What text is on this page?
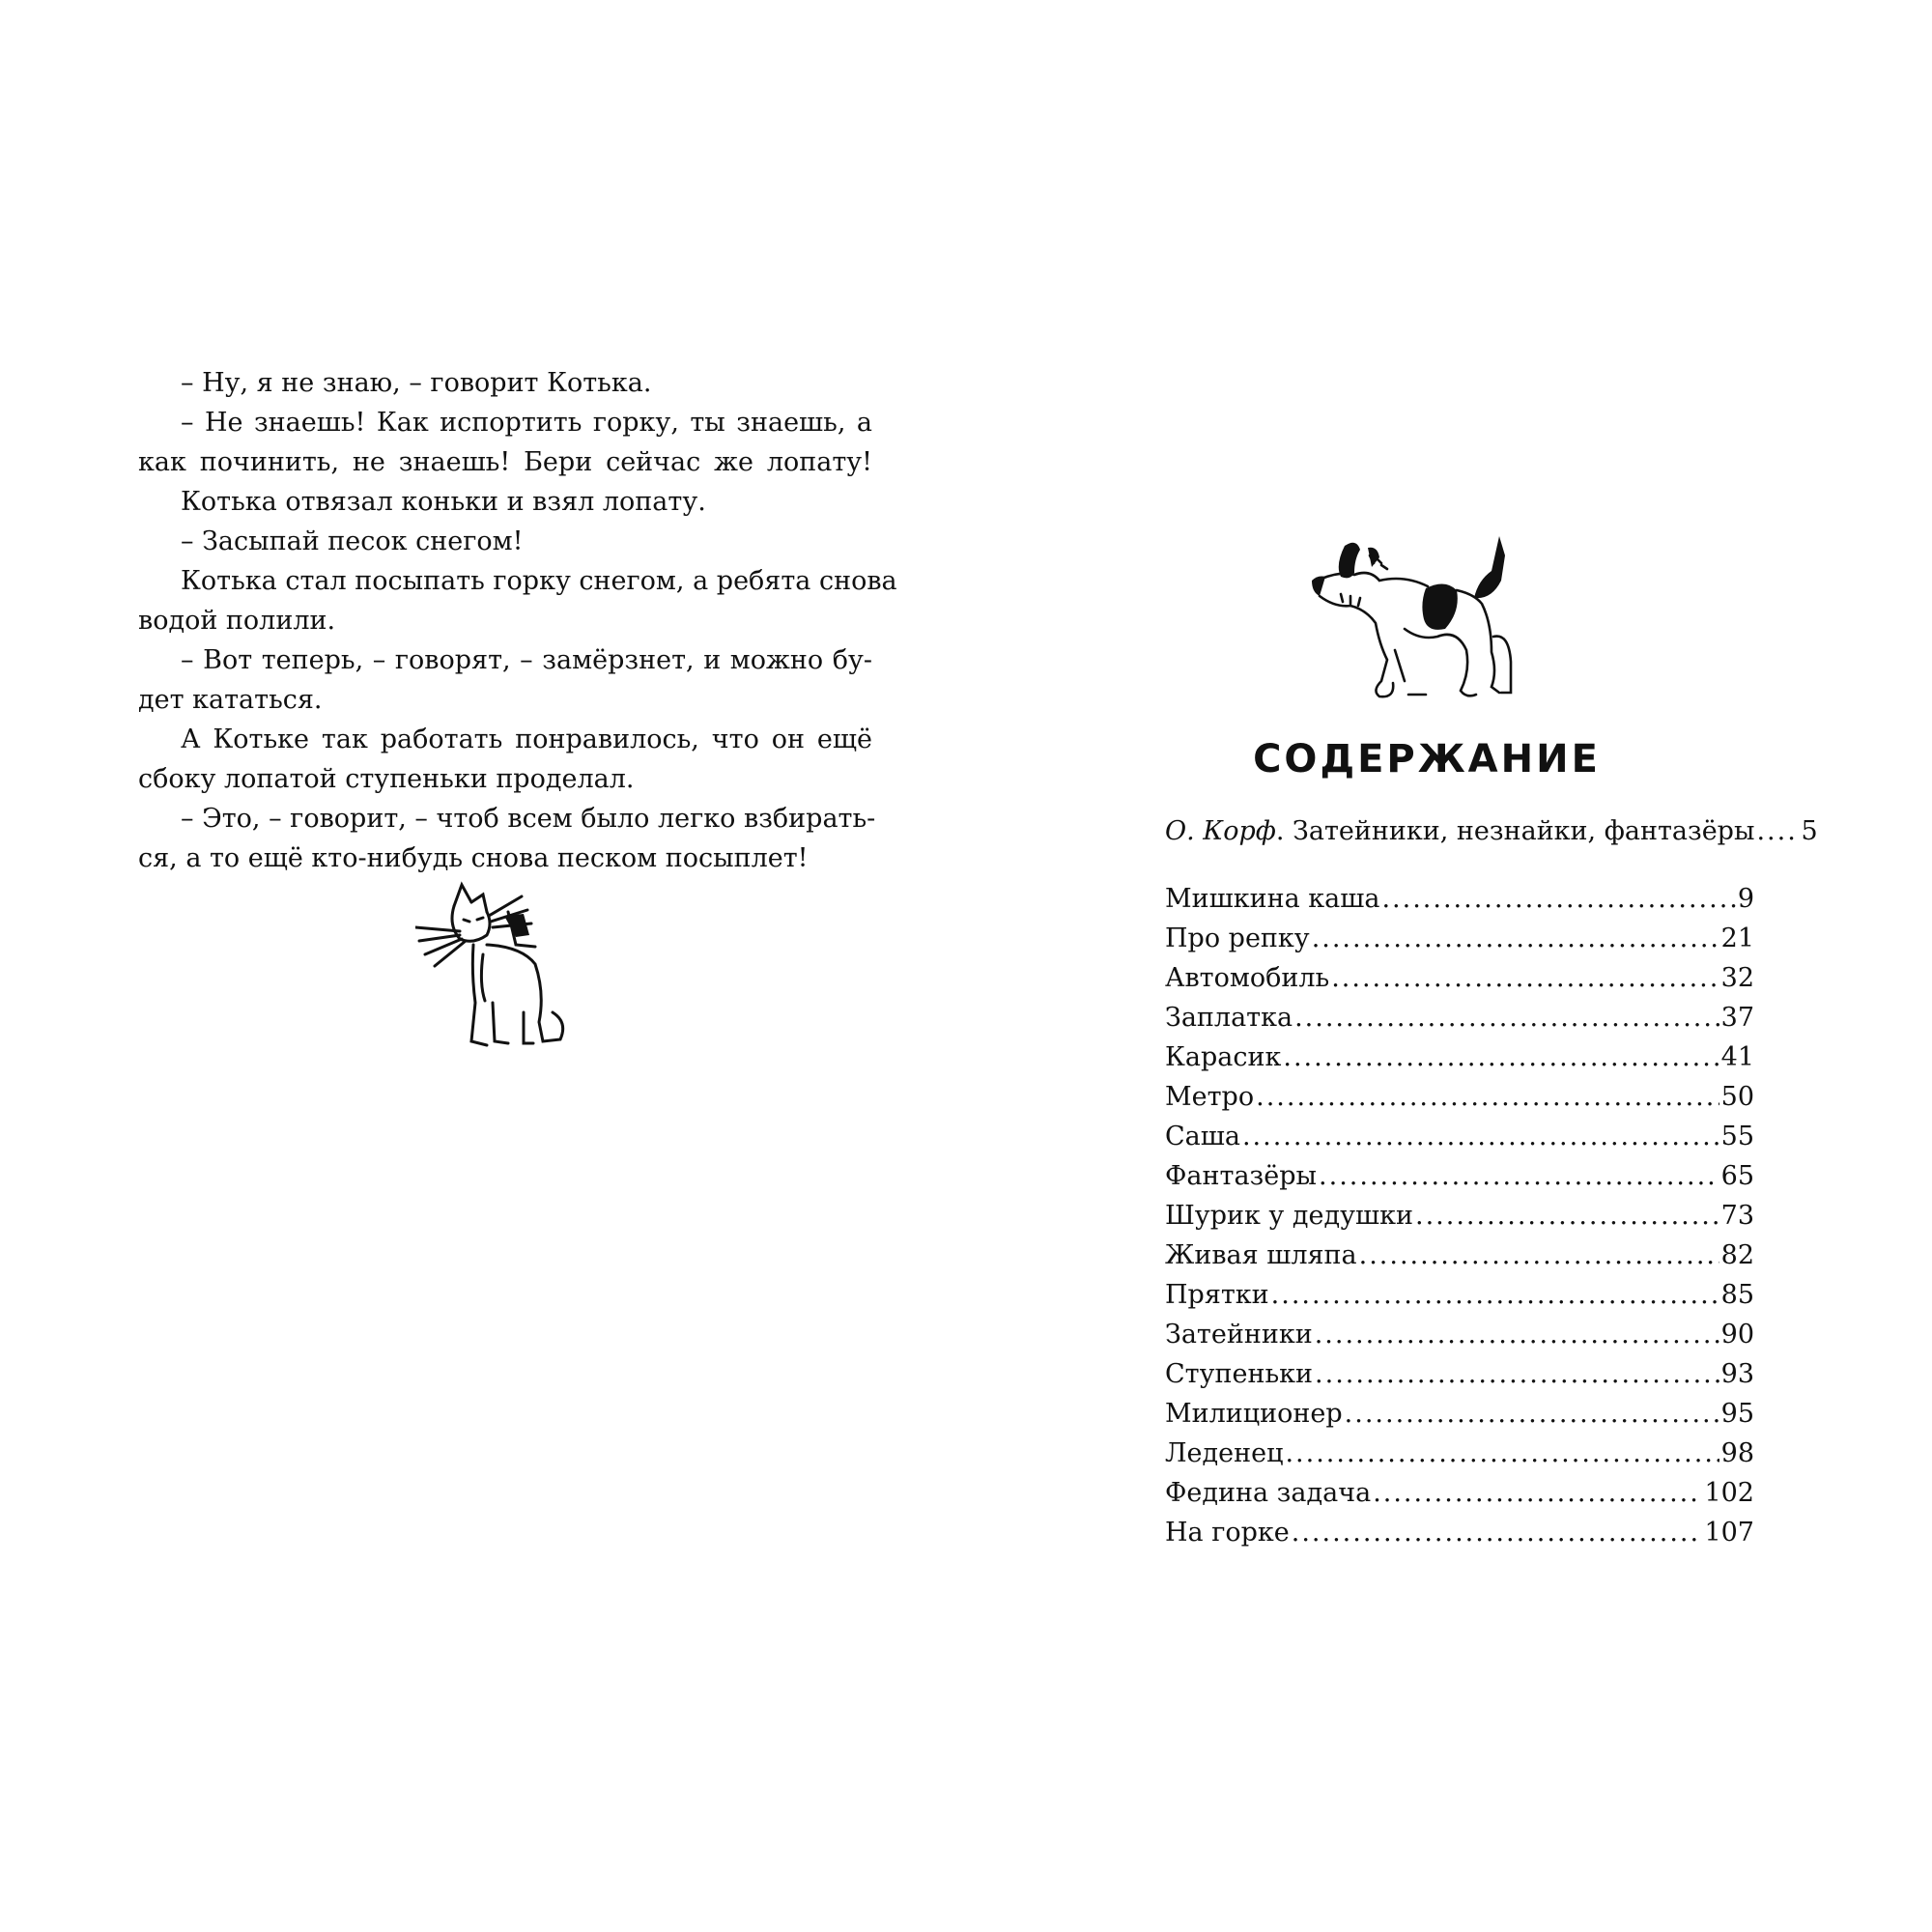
– Ну, я не знаю, – говорит Котька.
– Не знаешь! Как испортить горку, ты знаешь, а
как починить, не знаешь! Бери сейчас же лопату!
Котька отвязал коньки и взял лопату.
– Засыпай песок снегом!
Котька стал посыпать горку снегом, а ребята снова
водой полили.
– Вот теперь, – говорят, – замёрзнет, и можно бу-
дет кататься.
А Котьке так работать понравилось, что он ещё
сбоку лопатой ступеньки проделал.
– Это, – говорит, – чтоб всем было легко взбирать-
ся, а то ещё кто-нибудь снова песком посыплет!
СОДЕРЖАНИЕ
О. Корф. Затейники, незнайки, фантазёры ..... 5
Мишкина каша .....	9
Про репку .....	21
Автомобиль .....	32
Заплатка .....	37
Карасик .....	41
Метро .....	50
Саша .....	55
Фантазёры .....	65
Шурик у дедушки .....	73
Живая шляпа .....	82
Прятки .....	85
Затейники .....	90
Ступеньки .....	93
Милиционер .....	95
Леденец .....	98
Федина задача .....	102
На горке .....	107
